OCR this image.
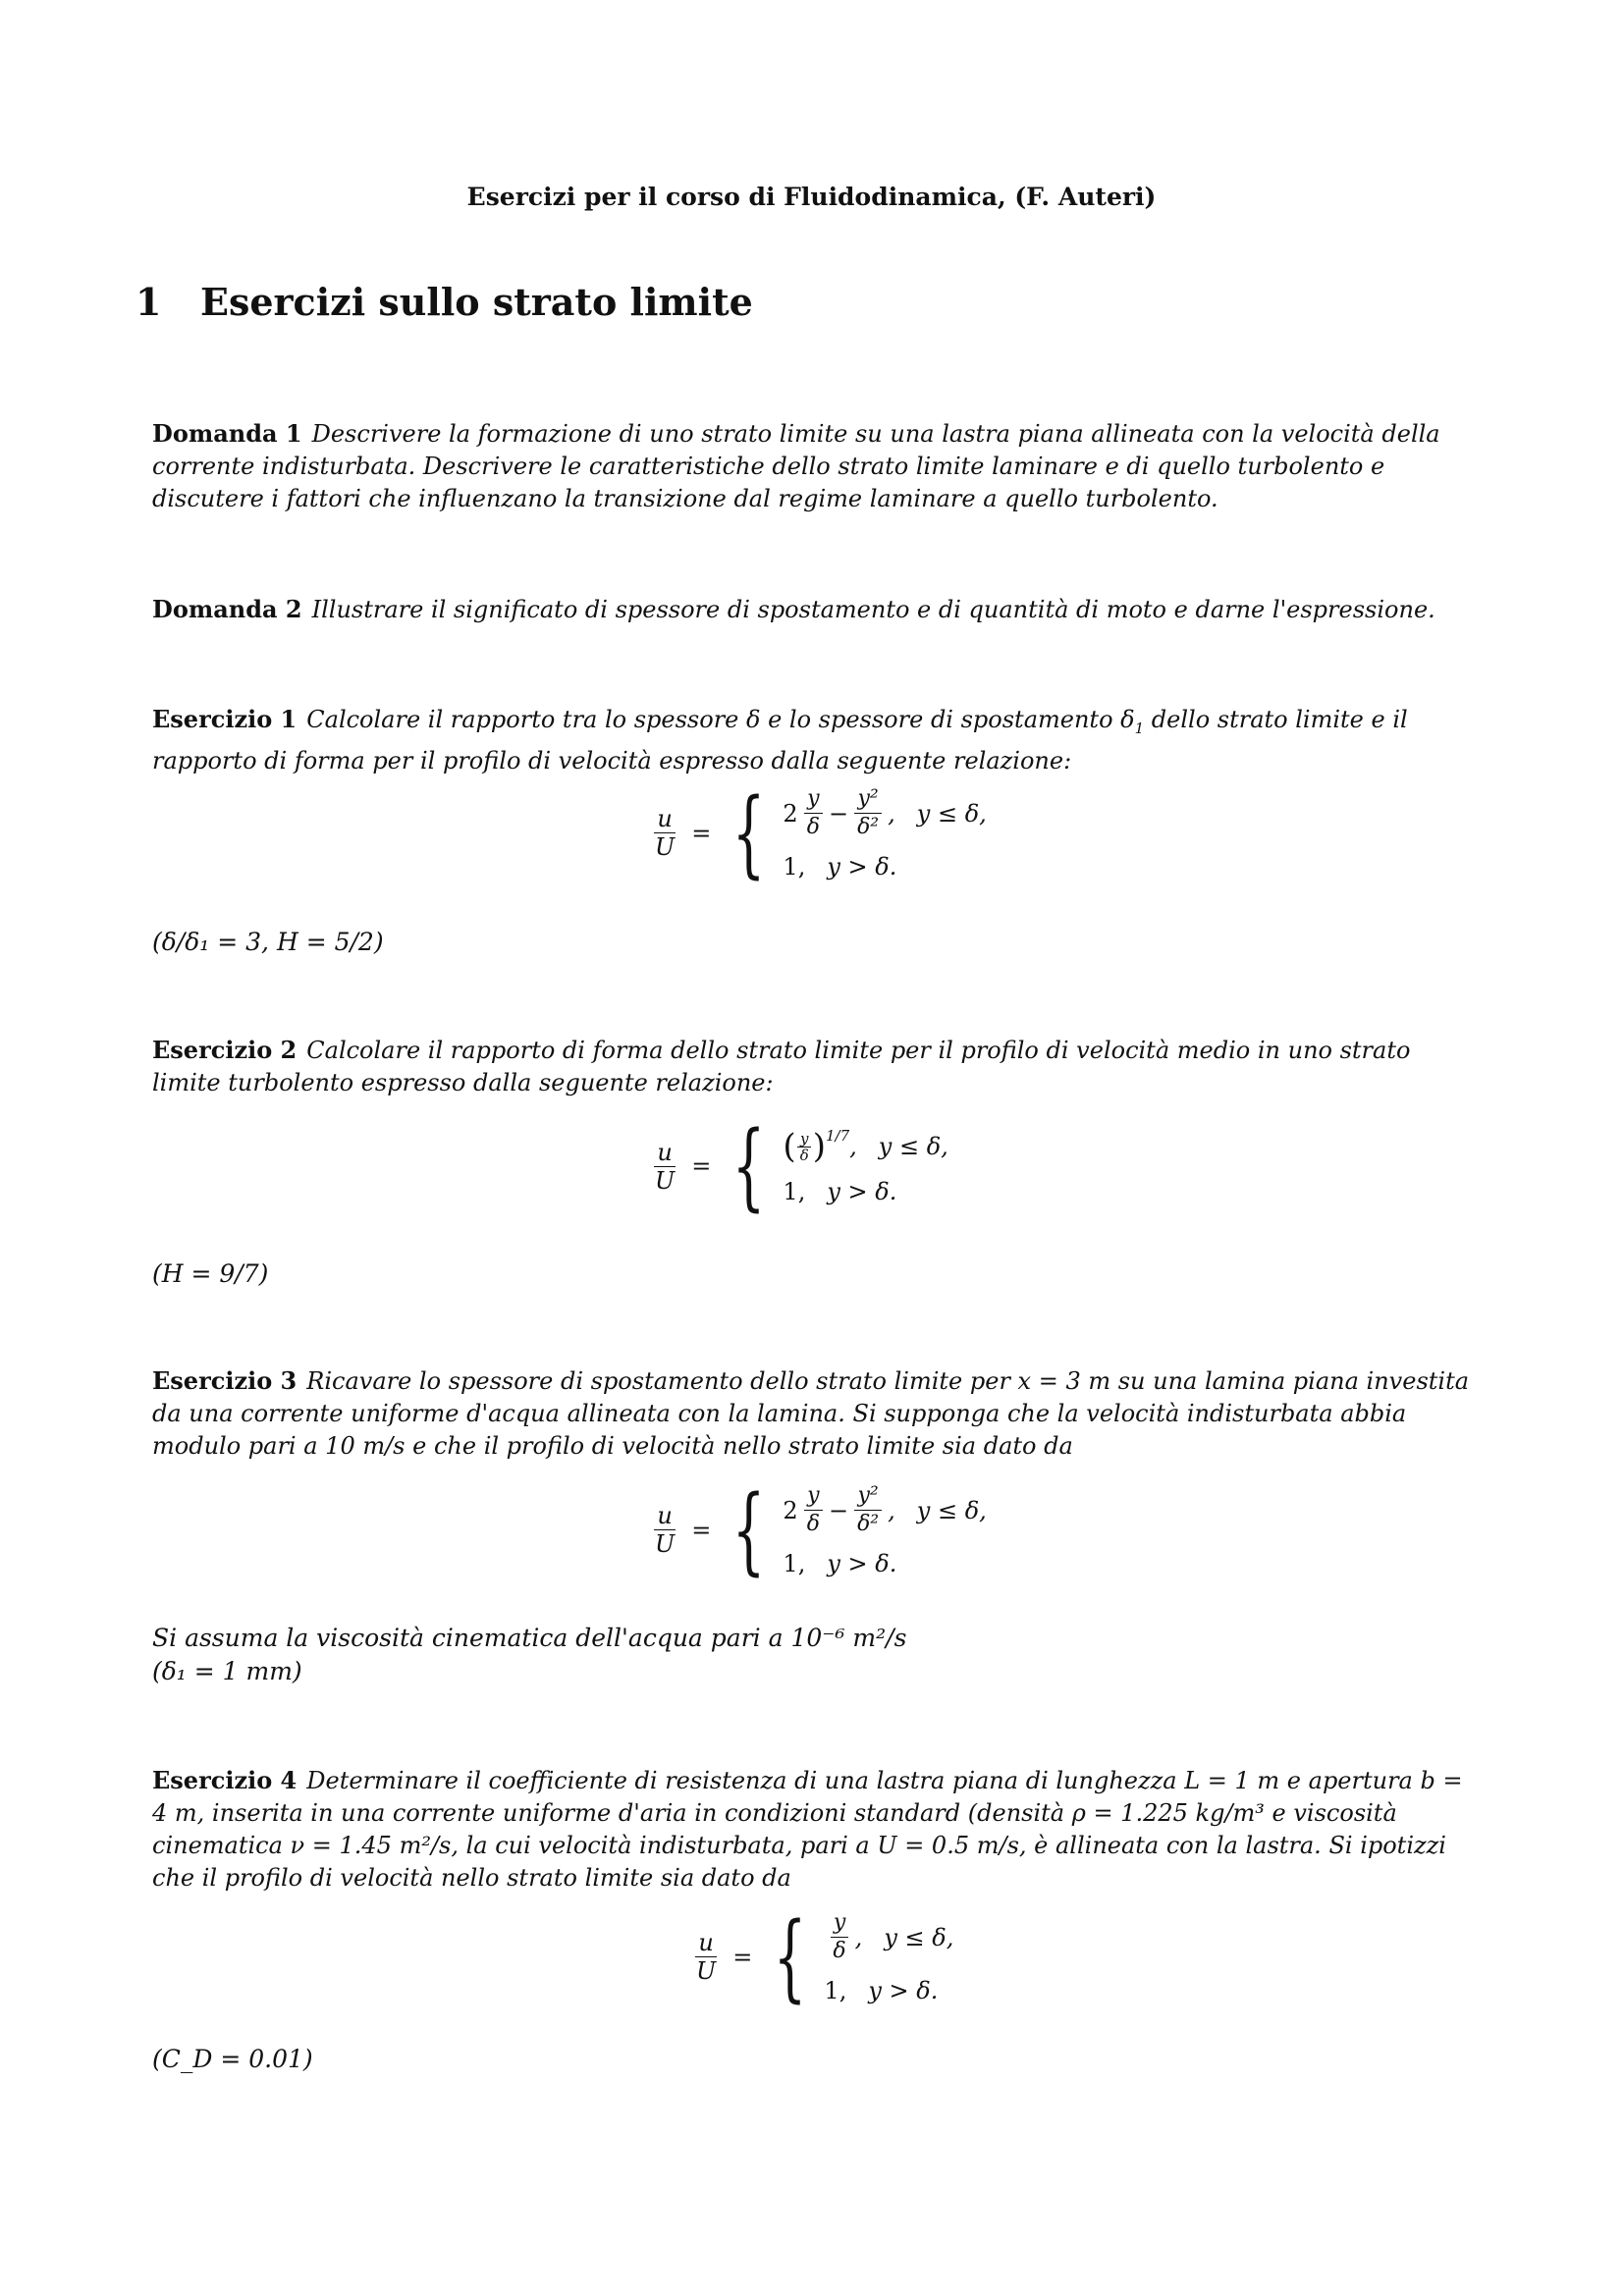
Esercizi per il corso di Fluidodinamica, (F. Auteri)
1 Esercizi sullo strato limite
Domanda 1 Descrivere la formazione di uno strato limite su una lastra piana allineata con la velocità della corrente indisturbata. Descrivere le caratteristiche dello strato limite laminare e di quello turbolento e discutere i fattori che influenzano la transizione dal regime laminare a quello turbolento.
Domanda 2 Illustrare il significato di spessore di spostamento e di quantità di moto e darne l'espressione.
Esercizio 1 Calcolare il rapporto tra lo spessore δ e lo spessore di spostamento $\delta_1$ dello strato limite e il rapporto di forma per il profilo di velocità espresso dalla seguente relazione:
$\frac{u}{U}$ = { $2 \frac{y}{\delta} - \frac{\text{y²}}{\text{δ²}}$ , y ≤ δ,
1, y > δ.
(δ/δ₁ = 3, H = 5/2)
Esercizio 2 Calcolare il rapporto di forma dello strato limite per il profilo di velocità medio in uno strato limite turbolento espresso dalla seguente relazione:
$\frac{u}{U}$ = { ( $\frac{y}{\delta} )^{1/7}$ , y ≤ δ,
1, y > δ.
(H = 9/7)
Esercizio 3 Ricavare lo spessore di spostamento dello strato limite per x = 3 m su una lamina piana investita da una corrente uniforme d'acqua allineata con la lamina. Si supponga che la velocità indisturbata abbia modulo pari a 10 m/s e che il profilo di velocità nello strato limite sia dato da
$\frac{u}{U}$ = { $2 \frac{y}{\delta} - \frac{\text{y²}}{\text{δ²}}$ , y ≤ δ,
1, y > δ.
Si assuma la viscosità cinematica dell'acqua pari a 10⁻⁶ m²/s
(δ₁ = 1 mm)
Esercizio 4 Determinare il coefficiente di resistenza di una lastra piana di lunghezza L = 1 m e apertura b = 4 m, inserita in una corrente uniforme d'aria in condizioni standard (densità ρ = 1.225 kg/m³ e viscosità cinematica ν = 1.45 m²/s, la cui velocità indisturbata, pari a U = 0.5 m/s, è allineata con la lastra. Si ipotizzi che il profilo di velocità nello strato limite sia dato da
$\frac{u}{U}$ = { $\frac{y}{\delta}$ , y ≤ δ,
1, y > δ.
(C_D = 0.01)
